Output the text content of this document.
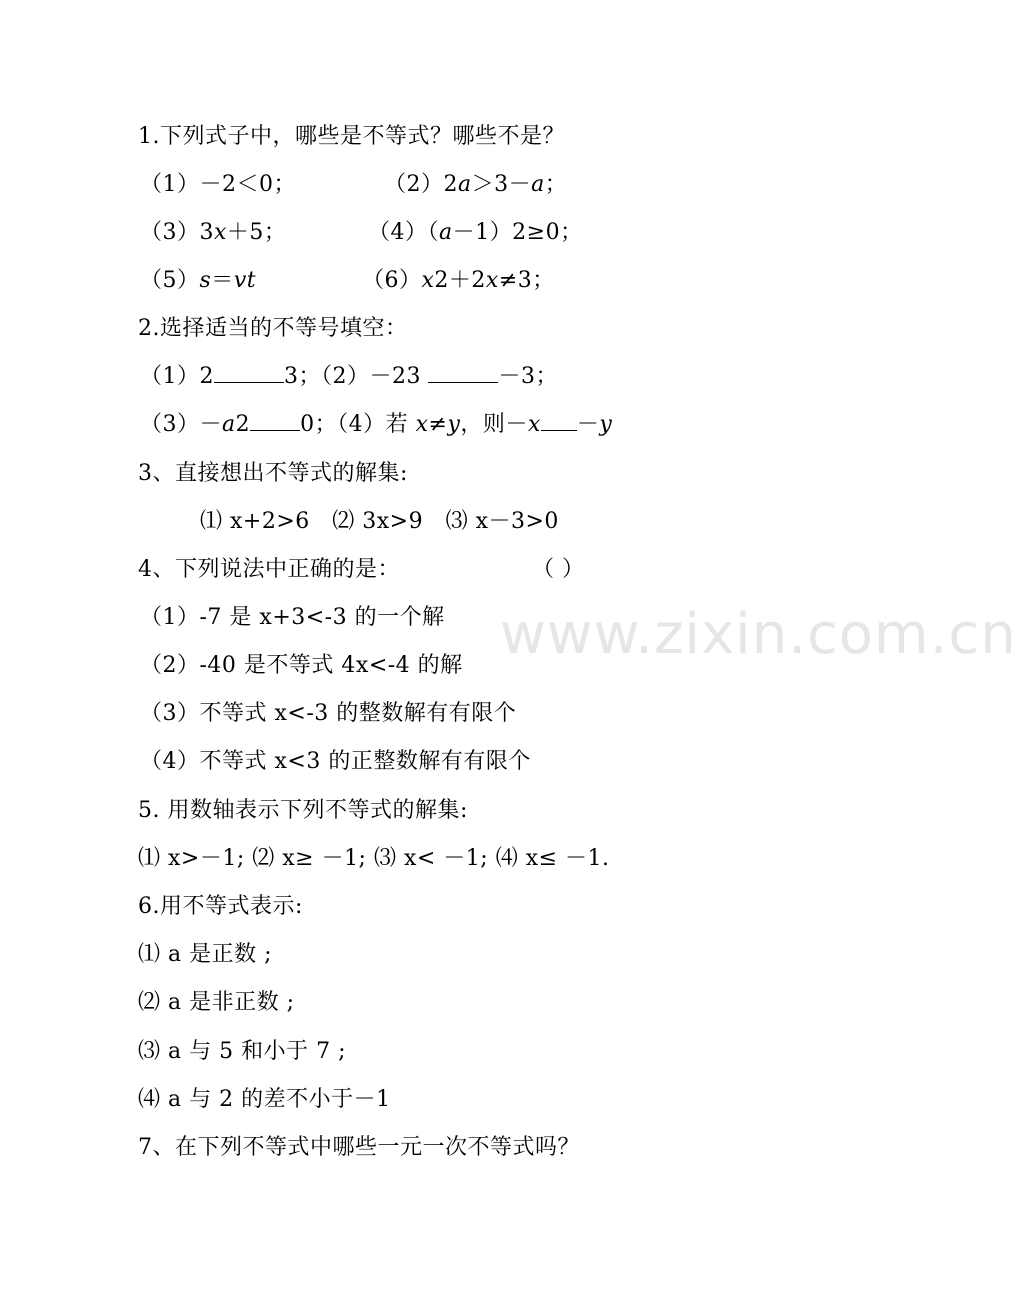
www.zixin.com.cn
1.下列式子中，哪些是不等式？哪些不是？
（1）－2＜0；	（2）2a＞3－a；
（3）3x＋5；	（4）（a－1）2≥0；
（5）s＝vt	（6）x2＋2x≠3；
2.选择适当的不等号填空：
（1）2	3；（2）－23	－3；
（3）－a2 0；（4）若 x≠y，则－x －y
3、直接想出不等式的解集:
⑴ x+2>6　⑵ 3x>9　⑶ x－3>0
4、下列说法中正确的是：	（ ）
（1）-7 是 x+3<-3 的一个解
（2）-40 是不等式 4x<-4 的解
（3）不等式 x<-3 的整数解有有限个
（4）不等式 x<3 的正整数解有有限个
5. 用数轴表示下列不等式的解集:
⑴ x>－1; ⑵ x≥ －1; ⑶ x< －1; ⑷ x≤ －1.
6.用不等式表示:
⑴ a 是正数 ;
⑵ a 是非正数 ;
⑶ a 与 5 和小于 7 ;
⑷ a 与 2 的差不小于－1
7、在下列不等式中哪些一元一次不等式吗？
